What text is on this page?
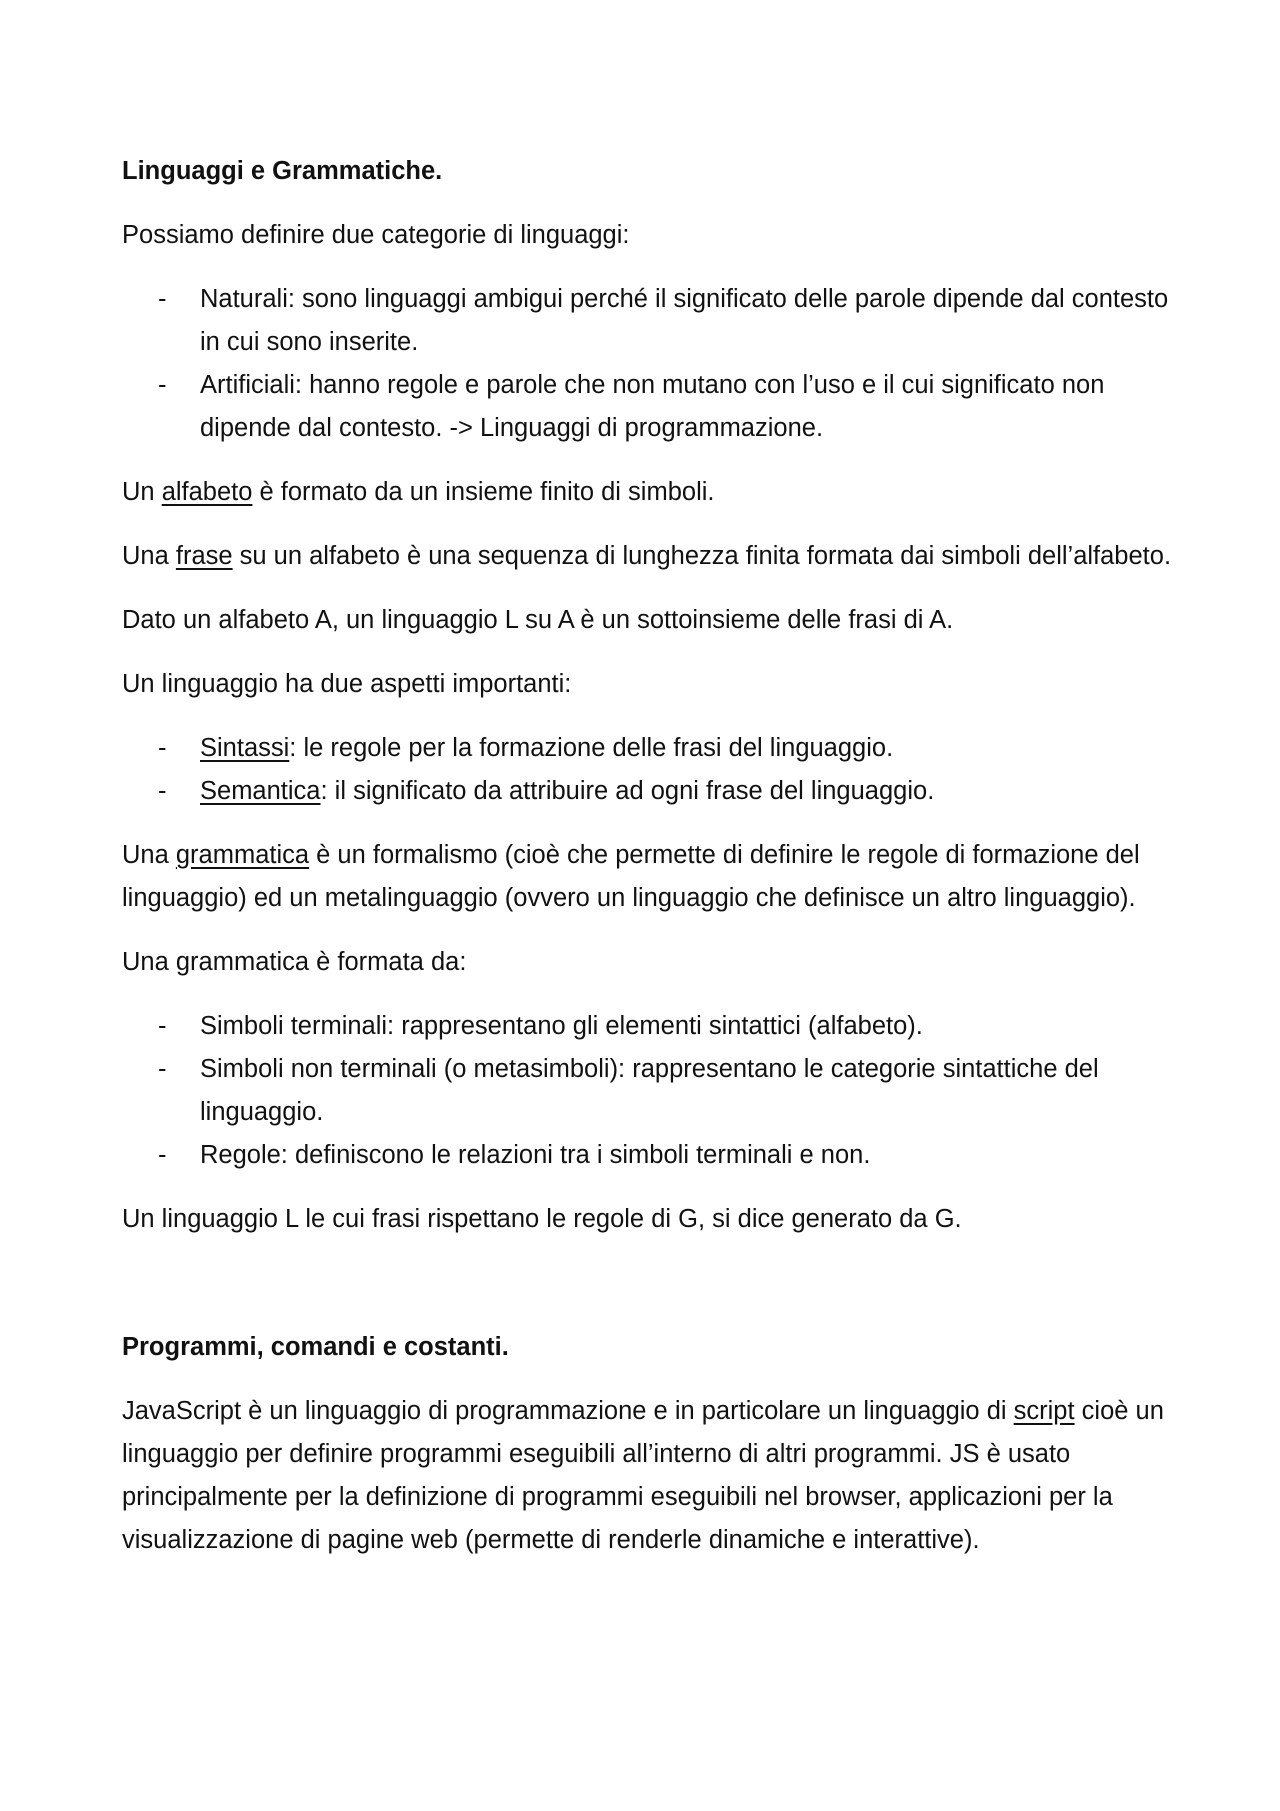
Linguaggi e Grammatiche.

Possiamo definire due categorie di linguaggi:

- Naturali: sono linguaggi ambigui perché il significato delle parole dipende dal contesto in cui sono inserite.
- Artificiali: hanno regole e parole che non mutano con l’uso e il cui significato non dipende dal contesto. -> Linguaggi di programmazione.

Un alfabeto è formato da un insieme finito di simboli.

Una frase su un alfabeto è una sequenza di lunghezza finita formata dai simboli dell’alfabeto.

Dato un alfabeto A, un linguaggio L su A è un sottoinsieme delle frasi di A.

Un linguaggio ha due aspetti importanti:

- Sintassi: le regole per la formazione delle frasi del linguaggio.
- Semantica: il significato da attribuire ad ogni frase del linguaggio.

Una grammatica è un formalismo (cioè che permette di definire le regole di formazione del linguaggio) ed un metalinguaggio (ovvero un linguaggio che definisce un altro linguaggio).

Una grammatica è formata da:

- Simboli terminali: rappresentano gli elementi sintattici (alfabeto).
- Simboli non terminali (o metasimboli): rappresentano le categorie sintattiche del linguaggio.
- Regole: definiscono le relazioni tra i simboli terminali e non.

Un linguaggio L le cui frasi rispettano le regole di G, si dice generato da G.

Programmi, comandi e costanti.

JavaScript è un linguaggio di programmazione e in particolare un linguaggio di script cioè un linguaggio per definire programmi eseguibili all’interno di altri programmi. JS è usato principalmente per la definizione di programmi eseguibili nel browser, applicazioni per la visualizzazione di pagine web (permette di renderle dinamiche e interattive).
